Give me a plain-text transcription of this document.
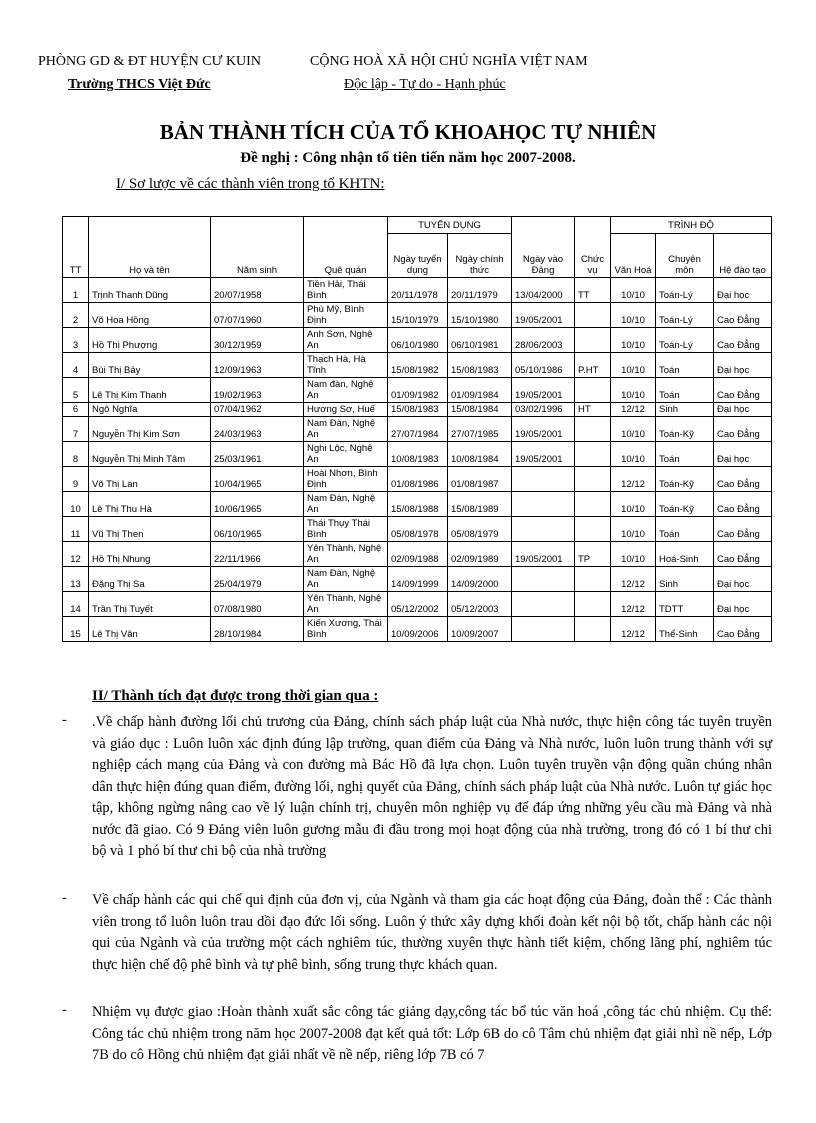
PHÒNG GD & ĐT HUYỆN CƯ KUIN
Trường THCS Việt Đức
CỘNG HOÀ XÃ HỘI CHỦ NGHĨA VIỆT NAM
Độc lập - Tự do - Hạnh phúc
BẢN THÀNH TÍCH CỦA TỔ KHOAHỌC TỰ NHIÊN
Đề nghị : Công nhận tổ tiên tiến năm học 2007-2008.
I/ Sơ lược về các thành viên trong tổ KHTN:
TT	Họ và tên	Năm sinh	Quê quán	TUYỂN DỤNG		Ngày vào Đảng	Chức vụ	TRÌNH ĐỘ		
				Ngày tuyển dụng	Ngày chính thức			Văn Hoá	Chuyên môn	Hệ đào tạo
1	Trịnh Thanh Dũng	20/07/1958	Tiền Hải, Thái Bình	20/11/1978	20/11/1979	13/04/2000	TT	10/10	Toán-Lý	Đại học
2	Võ Hoa Hồng	07/07/1960	Phù Mỹ, Bình Định	15/10/1979	15/10/1980	19/05/2001		10/10	Toán-Lý	Cao Đẳng
3	Hồ Thị Phượng	30/12/1959	Anh Sơn, Nghệ An	06/10/1980	06/10/1981	28/06/2003		10/10	Toán-Lý	Cao Đẳng
4	Bùi Thị Bảy	12/09/1963	Thạch Hà, Hà Tĩnh	15/08/1982	15/08/1983	05/10/1986	P.HT	10/10	Toán	Đại học
5	Lê Thị Kim Thanh	19/02/1963	Nam đàn, Nghệ An	01/09/1982	01/09/1984	19/05/2001		10/10	Toán	Cao Đẳng
6	Ngô Nghĩa	07/04/1962	Hương Sơ, Huế	15/08/1983	15/08/1984	03/02/1996	HT	12/12	Sinh	Đại học
7	Nguyễn Thị Kim Sơn	24/03/1963	Nam Đàn, Nghệ An	27/07/1984	27/07/1985	19/05/2001		10/10	Toán-Kỹ	Cao Đẳng
8	Nguyễn Thị Minh Tâm	25/03/1961	Nghi Lộc, Nghệ An	10/08/1983	10/08/1984	19/05/2001		10/10	Toán	Đại học
9	Võ Thị Lan	10/04/1965	Hoài Nhơn, Bình Định	01/08/1986	01/08/1987			12/12	Toán-Kỹ	Cao Đẳng
10	Lê Thị Thu Hà	10/06/1965	Nam Đàn, Nghệ An	15/08/1988	15/08/1989			10/10	Toán-Kỹ	Cao Đẳng
11	Vũ Thị Then	06/10/1965	Thái Thụy Thái Bình	05/08/1978	05/08/1979			10/10	Toán	Cao Đẳng
12	Hồ Thị Nhung	22/11/1966	Yên Thành, Nghệ An	02/09/1988	02/09/1989	19/05/2001	TP	10/10	Hoá-Sinh	Cao Đẳng
13	Đặng Thị Sa	25/04/1979	Nam Đàn, Nghệ An	14/09/1999	14/09/2000			12/12	Sinh	Đại học
14	Trần Thị Tuyết	07/08/1980	Yên Thành, Nghệ An	05/12/2002	05/12/2003			12/12	TDTT	Đại học
15	Lê Thị Vân	28/10/1984	Kiến Xương, Thái Bình	10/09/2006	10/09/2007			12/12	Thể-Sinh	Cao Đẳng
II/ Thành tích đạt được trong thời gian qua :
- .Về chấp hành đường lối chủ trương của Đảng, chính sách pháp luật của Nhà nước, thực hiện công tác tuyên truyền và giáo dục : Luôn luôn xác định đúng lập trường, quan điểm của Đảng và Nhà nước, luôn luôn trung thành với sự nghiệp cách mạng của Đảng và con đường mà Bác Hồ đã lựa chọn. Luôn tuyên truyền vận động quần chúng nhân dân thực hiện đúng quan điểm, đường lối, nghị quyết của Đảng, chính sách pháp luật của Nhà nước. Luôn tự giác học tập, không ngừng nâng cao về lý luận chính trị, chuyên môn nghiệp vụ để đáp ứng những yêu cầu mà Đảng và nhà nước đã giao. Có 9 Đảng viên luôn gương mẫu đi đầu trong mọi hoạt động của nhà trường, trong đó có 1 bí thư chi bộ và 1 phó bí thư chi bộ của nhà trường
- Về chấp hành các qui chế qui định của đơn vị, của Ngành và tham gia các hoạt động của Đảng, đoàn thể : Các thành viên trong tổ luôn luôn trau dồi đạo đức lối sống. Luôn ý thức xây dựng khối đoàn kết nội bộ tốt, chấp hành các nội qui của Ngành và của trường một cách nghiêm túc, thường xuyên thực hành tiết kiệm, chống lãng phí, nghiêm túc thực hiện chế độ phê bình và tự phê bình, sống trung thực khách quan.
- Nhiệm vụ được giao :Hoàn thành xuất sắc công tác giảng dạy,công tác bổ túc văn hoá ,công tác chủ nhiệm. Cụ thể: Công tác chủ nhiệm trong năm học 2007-2008 đạt kết quả tốt: Lớp 6B do cô Tâm chủ nhiệm đạt giải nhì nề nếp, Lớp 7B do cô Hồng chủ nhiệm đạt giải nhất về nề nếp, riêng lớp 7B có 7
